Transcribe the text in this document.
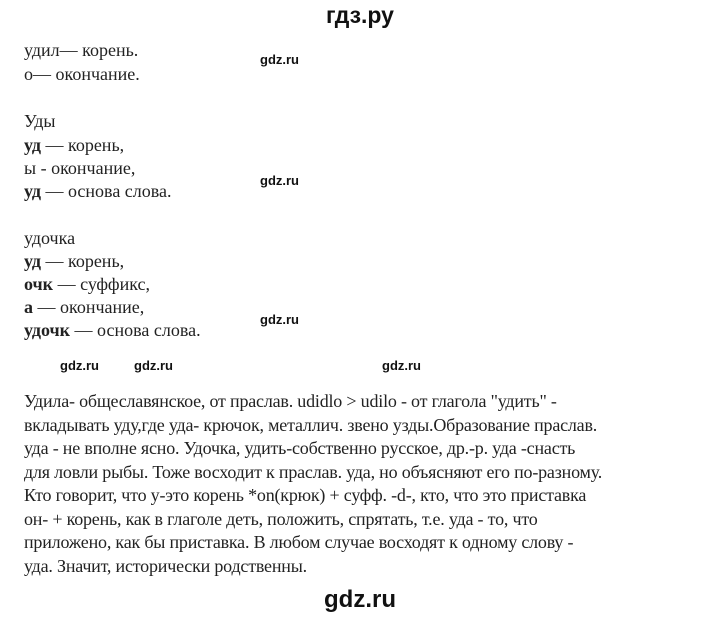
гдз.ру
удил— корень.
о— окончание.
Уды
уд — корень,
ы - окончание,
уд — основа слова.
удочка
уд — корень,
очк — суффикс,
а — окончание,
удочк — основа слова.
Удила- общеславянское, от праслав. udidlo > udilo - от глагола "удить" -
вкладывать уду,где уда- крючок, металлич. звено узды.Образование праслав.
уда - не вполне ясно. Удочка, удить-собственно русское, др.-р. уда -снасть
для ловли рыбы. Тоже восходит к праслав. уда, но объясняют его по-разному.
Кто говорит, что у-это корень *on(крюк) + суфф. -d-, кто, что это приставка
он- + корень, как в глаголе деть, положить, спрятать, т.е. уда - то, что
приложено, как бы приставка. В любом случае восходят к одному слову -
уда. Значит, исторически родственны.
gdz.ru
gdz.ru
gdz.ru
gdz.ru	gdz.ru	gdz.ru
gdz.ru
